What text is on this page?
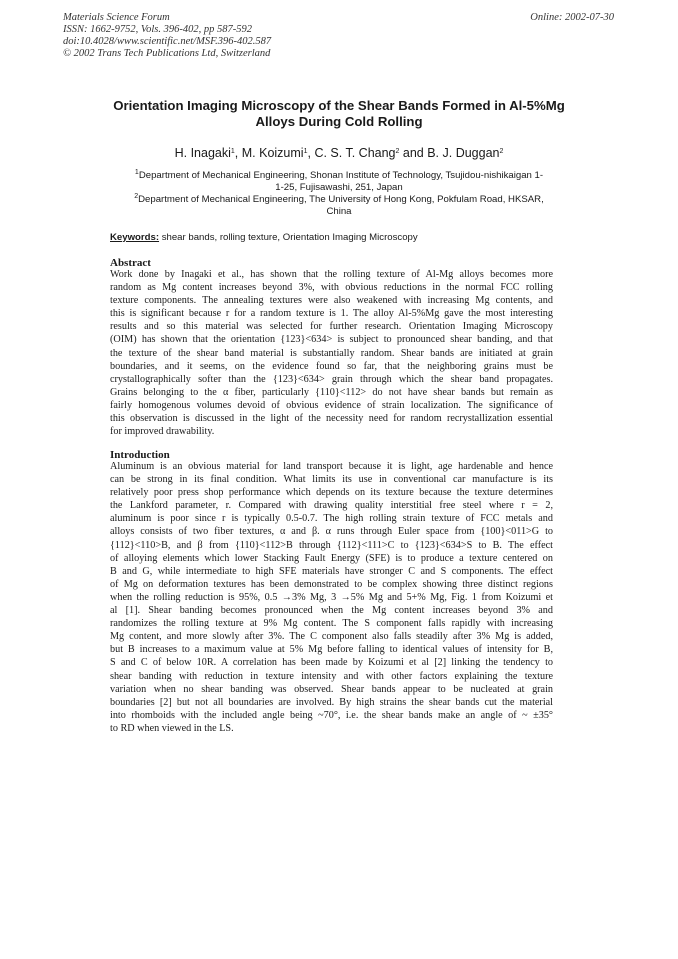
Materials Science Forum
ISSN: 1662-9752, Vols. 396-402, pp 587-592
doi:10.4028/www.scientific.net/MSF.396-402.587
© 2002 Trans Tech Publications Ltd, Switzerland
Online: 2002-07-30
Orientation Imaging Microscopy of the Shear Bands Formed in Al-5%Mg
Alloys During Cold Rolling
H. Inagaki$^1$, M. Koizumi$^1$, C. S. T. Chang$^2$ and B. J. Duggan$^2$
$^1$Department of Mechanical Engineering, Shonan Institute of Technology, Tsujidou-nishikaigan 1-
1-25, Fujisawashi, 251, Japan
$^2$Department of Mechanical Engineering, The University of Hong Kong, Pokfulam Road, HKSAR,
China
Keywords: shear bands, rolling texture, Orientation Imaging Microscopy
Abstract
Work done by Inagaki et al., has shown that the rolling texture of Al-Mg alloys becomes more
random as Mg content increases beyond 3%, with obvious reductions in the normal FCC rolling
texture components. The annealing textures were also weakened with increasing Mg contents, and
this is significant because r for a random texture is 1. The alloy Al-5%Mg gave the most interesting
results and so this material was selected for further research. Orientation Imaging Microscopy
(OIM) has shown that the orientation {123}<634> is subject to pronounced shear banding, and that
the texture of the shear band material is substantially random. Shear bands are initiated at grain
boundaries, and it seems, on the evidence found so far, that the neighboring grains must be
crystallographically softer than the {123}<634> grain through which the shear band propagates.
Grains belonging to the α fiber, particularly {110}<112> do not have shear bands but remain as
fairly homogenous volumes devoid of obvious evidence of strain localization. The significance of
this observation is discussed in the light of the necessity need for random recrystallization essential
for improved drawability.
Introduction
Aluminum is an obvious material for land transport because it is light, age hardenable and hence
can be strong in its final condition. What limits its use in conventional car manufacture is its
relatively poor press shop performance which depends on its texture because the texture determines
the Lankford parameter, r. Compared with drawing quality interstitial free steel where r = 2,
aluminum is poor since r is typically 0.5-0.7. The high rolling strain texture of FCC metals and
alloys consists of two fiber textures, α and β. α runs through Euler space from {100}<011>G to
{112}<110>B, and β from {110}<112>B through {112}<111>C to {123}<634>S to B. The effect
of alloying elements which lower Stacking Fault Energy (SFE) is to produce a texture centered on
B and G, while intermediate to high SFE materials have stronger C and S components. The effect
of Mg on deformation textures has been demonstrated to be complex showing three distinct regions
when the rolling reduction is 95%, 0.5 →3% Mg, 3 →5% Mg and 5+% Mg, Fig. 1 from Koizumi et
al [1]. Shear banding becomes pronounced when the Mg content increases beyond 3% and
randomizes the rolling texture at 9% Mg content. The S component falls rapidly with increasing
Mg content, and more slowly after 3%. The C component also falls steadily after 3% Mg is added,
but B increases to a maximum value at 5% Mg before falling to identical values of intensity for B,
S and C of below 10R. A correlation has been made by Koizumi et al [2] linking the tendency to
shear banding with reduction in texture intensity and with other factors explaining the texture
variation when no shear banding was observed. Shear bands appear to be nucleated at grain
boundaries [2] but not all boundaries are involved. By high strains the shear bands cut the material
into rhomboids with the included angle being ~70°, i.e. the shear bands make an angle of ~ ±35°
to RD when viewed in the LS.
